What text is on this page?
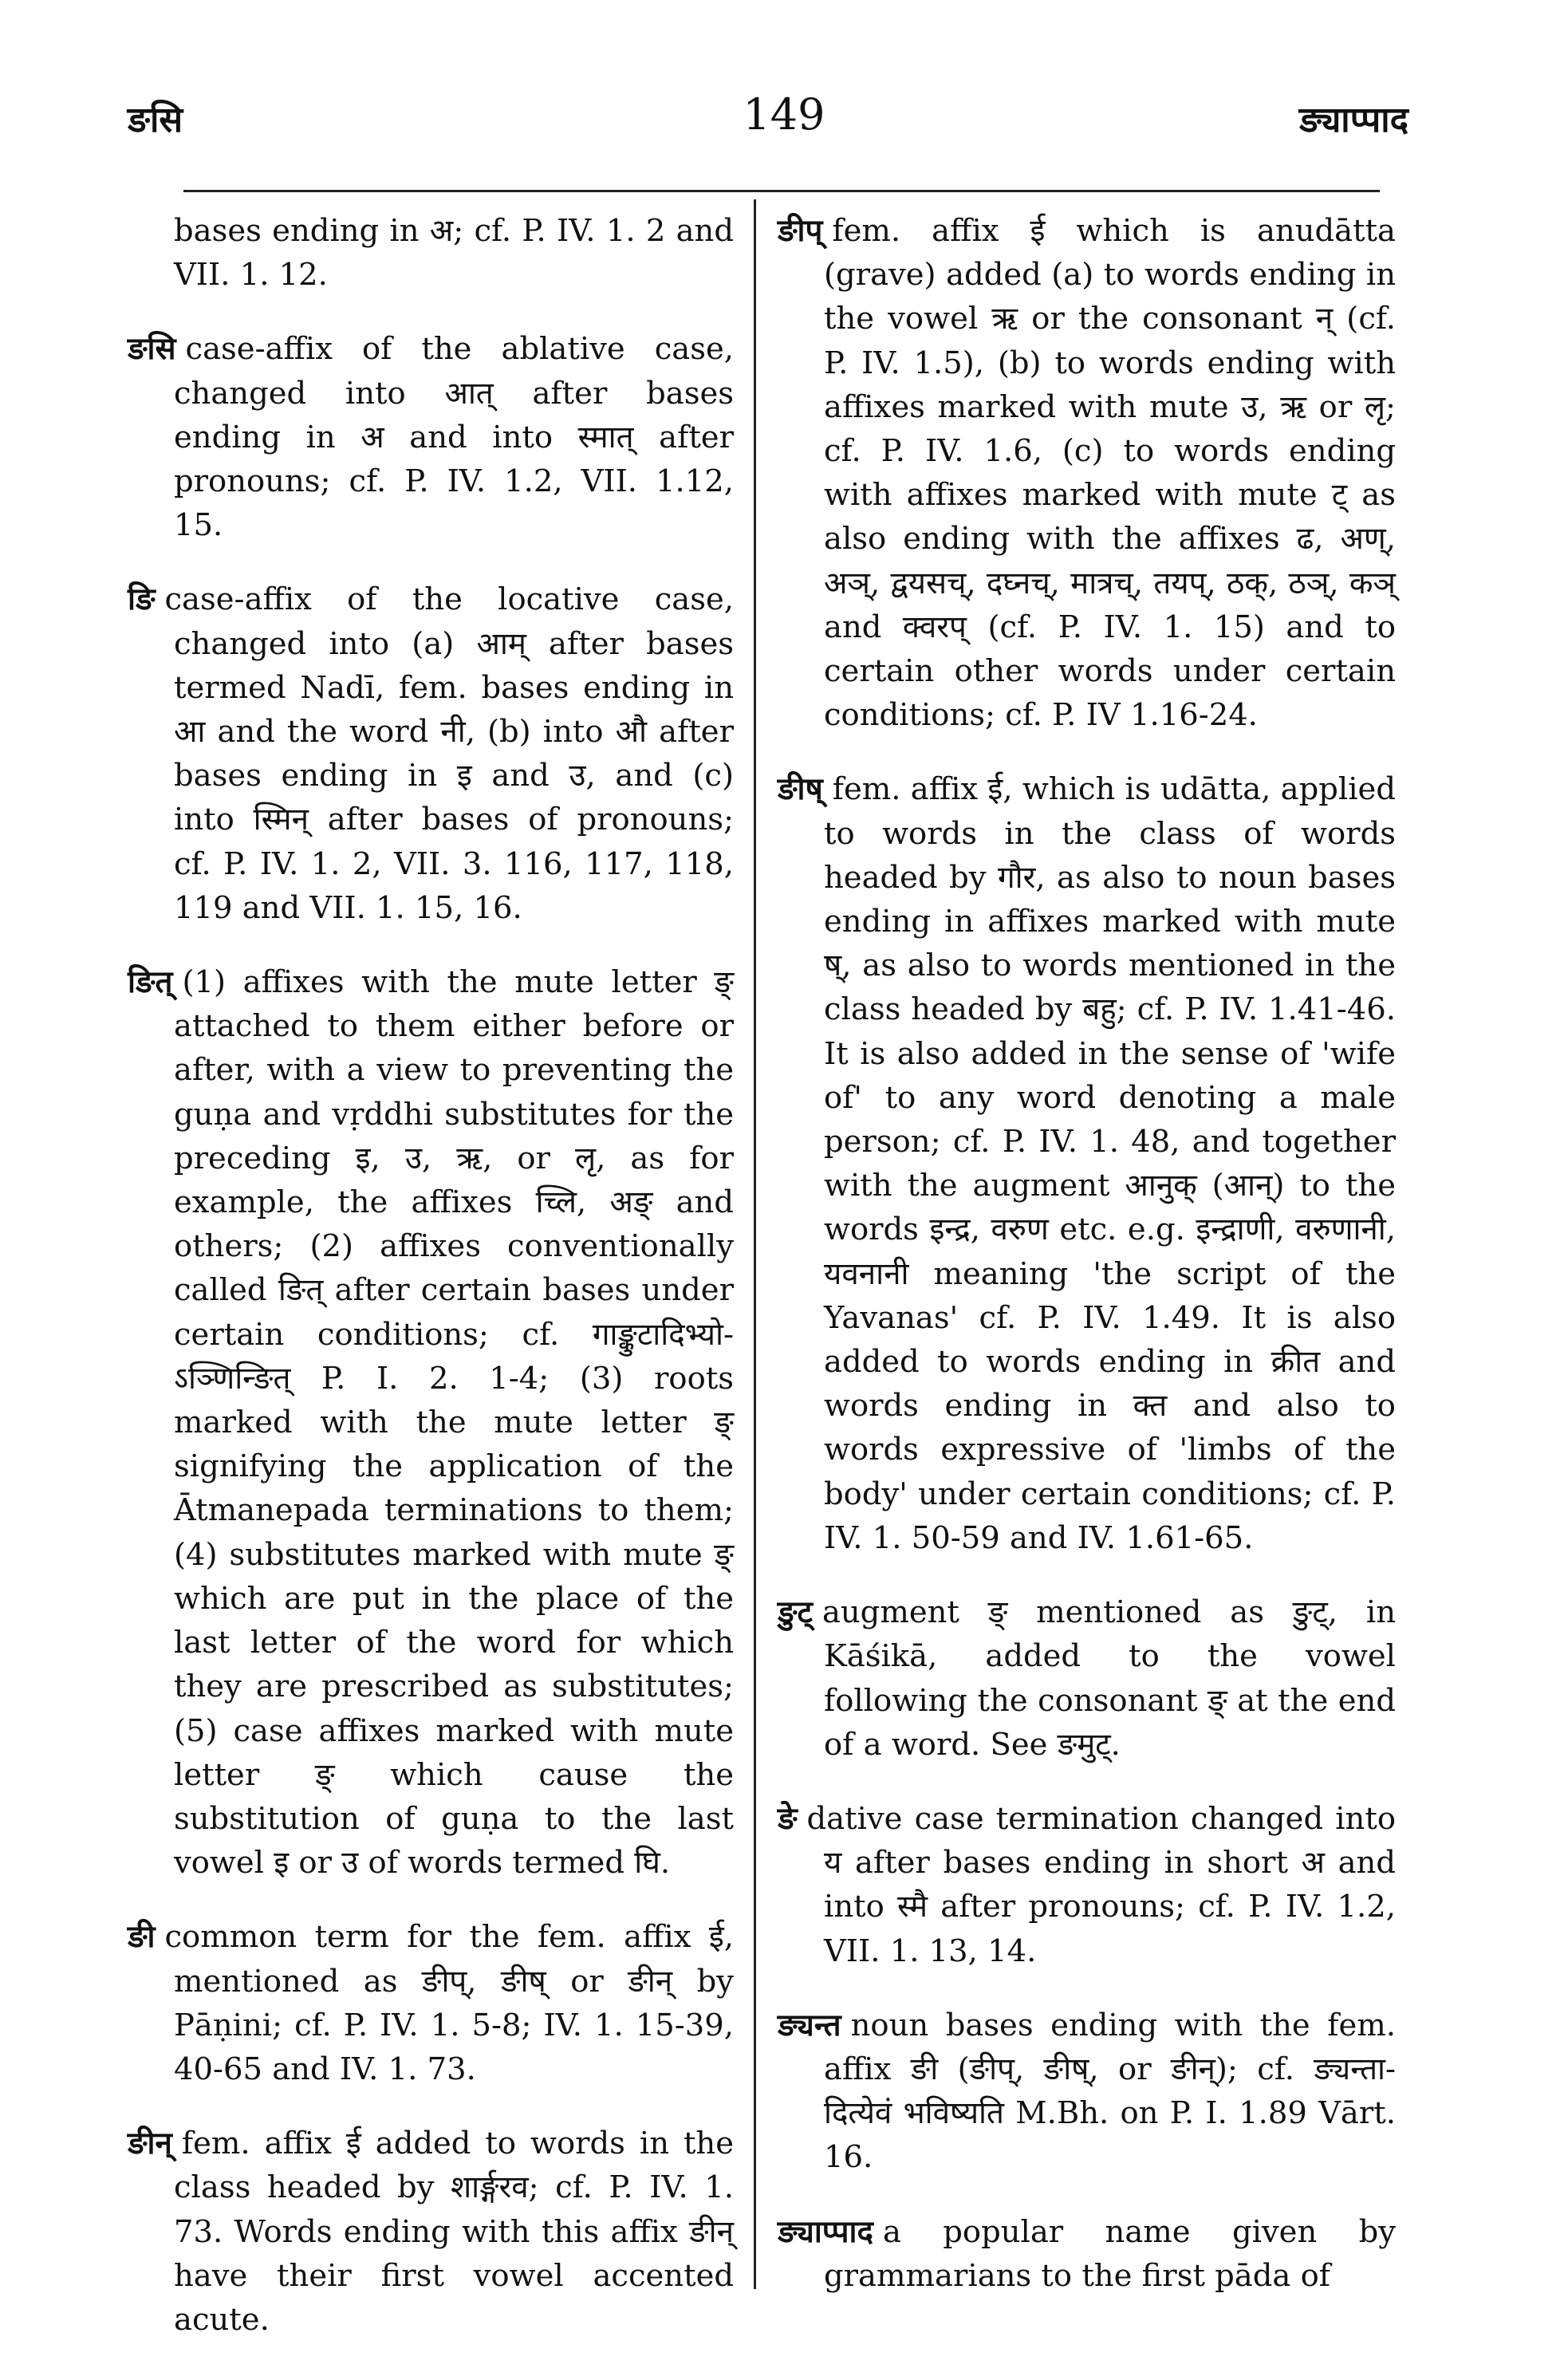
ङसि	149	ङ्याप्पाद

bases ending in अ; cf. P. IV. 1. 2 and VII. 1. 12.

ङसि case-affix of the ablative case, changed into आत् after bases ending in अ and into स्मात् after pronouns; cf. P. IV. 1.2, VII. 1.12, 15.

ङि case-affix of the locative case, changed into (a) आम् after bases termed Nadī, fem. bases ending in आ and the word नी, (b) into औ after bases ending in इ and उ, and (c) into स्मिन् after bases of pronouns; cf. P. IV. 1. 2, VII. 3. 116, 117, 118, 119 and VII. 1. 15, 16.

ङित् (1) affixes with the mute letter ङ् attached to them either before or after, with a view to preventing the guṇa and vṛddhi substitutes for the preceding इ, उ, ऋ, or लृ, as for example, the affixes च्लि, अङ् and others; (2) affixes conventionally called ङित् after certain bases under certain conditions; cf. गाङ्कुटादिभ्यो-ऽञ्णिन्ङित् P. I. 2. 1-4; (3) roots marked with the mute letter ङ् signifying the application of the Ātmanepada terminations to them; (4) substitutes marked with mute ङ् which are put in the place of the last letter of the word for which they are prescribed as substitutes; (5) case affixes marked with mute letter ङ् which cause the substitution of guṇa to the last vowel इ or उ of words termed घि.

ङी common term for the fem. affix ई, mentioned as ङीप्, ङीष् or ङीन् by Pāṇini; cf. P. IV. 1. 5-8; IV. 1. 15-39, 40-65 and IV. 1. 73.

ङीन् fem. affix ई added to words in the class headed by शार्ङ्गरव; cf. P. IV. 1. 73. Words ending with this affix ङीन् have their first vowel accented acute.

ङीप् fem. affix ई which is anudātta (grave) added (a) to words ending in the vowel ऋ or the consonant न् (cf. P. IV. 1.5), (b) to words ending with affixes marked with mute उ, ऋ or लृ; cf. P. IV. 1.6, (c) to words ending with affixes marked with mute ट् as also ending with the affixes ढ, अण्, अञ्, द्वयसच्, दघ्नच्, मात्रच्, तयप्, ठक्, ठञ्, कञ् and क्वरप् (cf. P. IV. 1. 15) and to certain other words under certain conditions; cf. P. IV 1.16-24.

ङीष् fem. affix ई, which is udātta, applied to words in the class of words headed by गौर, as also to noun bases ending in affixes marked with mute ष्, as also to words mentioned in the class headed by बहु; cf. P. IV. 1.41-46. It is also added in the sense of 'wife of' to any word denoting a male person; cf. P. IV. 1. 48, and together with the augment आनुक् (आन्) to the words इन्द्र, वरुण etc. e.g. इन्द्राणी, वरुणानी, यवनानी meaning 'the script of the Yavanas' cf. P. IV. 1.49. It is also added to words ending in क्रीत and words ending in क्त and also to words expressive of 'limbs of the body' under certain conditions; cf. P. IV. 1. 50-59 and IV. 1.61-65.

ङुट् augment ङ् mentioned as ङुट्, in Kāśikā, added to the vowel following the consonant ङ् at the end of a word. See ङमुट्.

ङे dative case termination changed into य after bases ending in short अ and into स्मै after pronouns; cf. P. IV. 1.2, VII. 1. 13, 14.

ङ्यन्त noun bases ending with the fem. affix ङी (ङीप्, ङीष्, or ङीन्); cf. ङ्यन्ता-दित्येवं भविष्यति M.Bh. on P. I. 1.89 Vārt. 16.

ङ्याप्पाद a popular name given by grammarians to the first pāda of
